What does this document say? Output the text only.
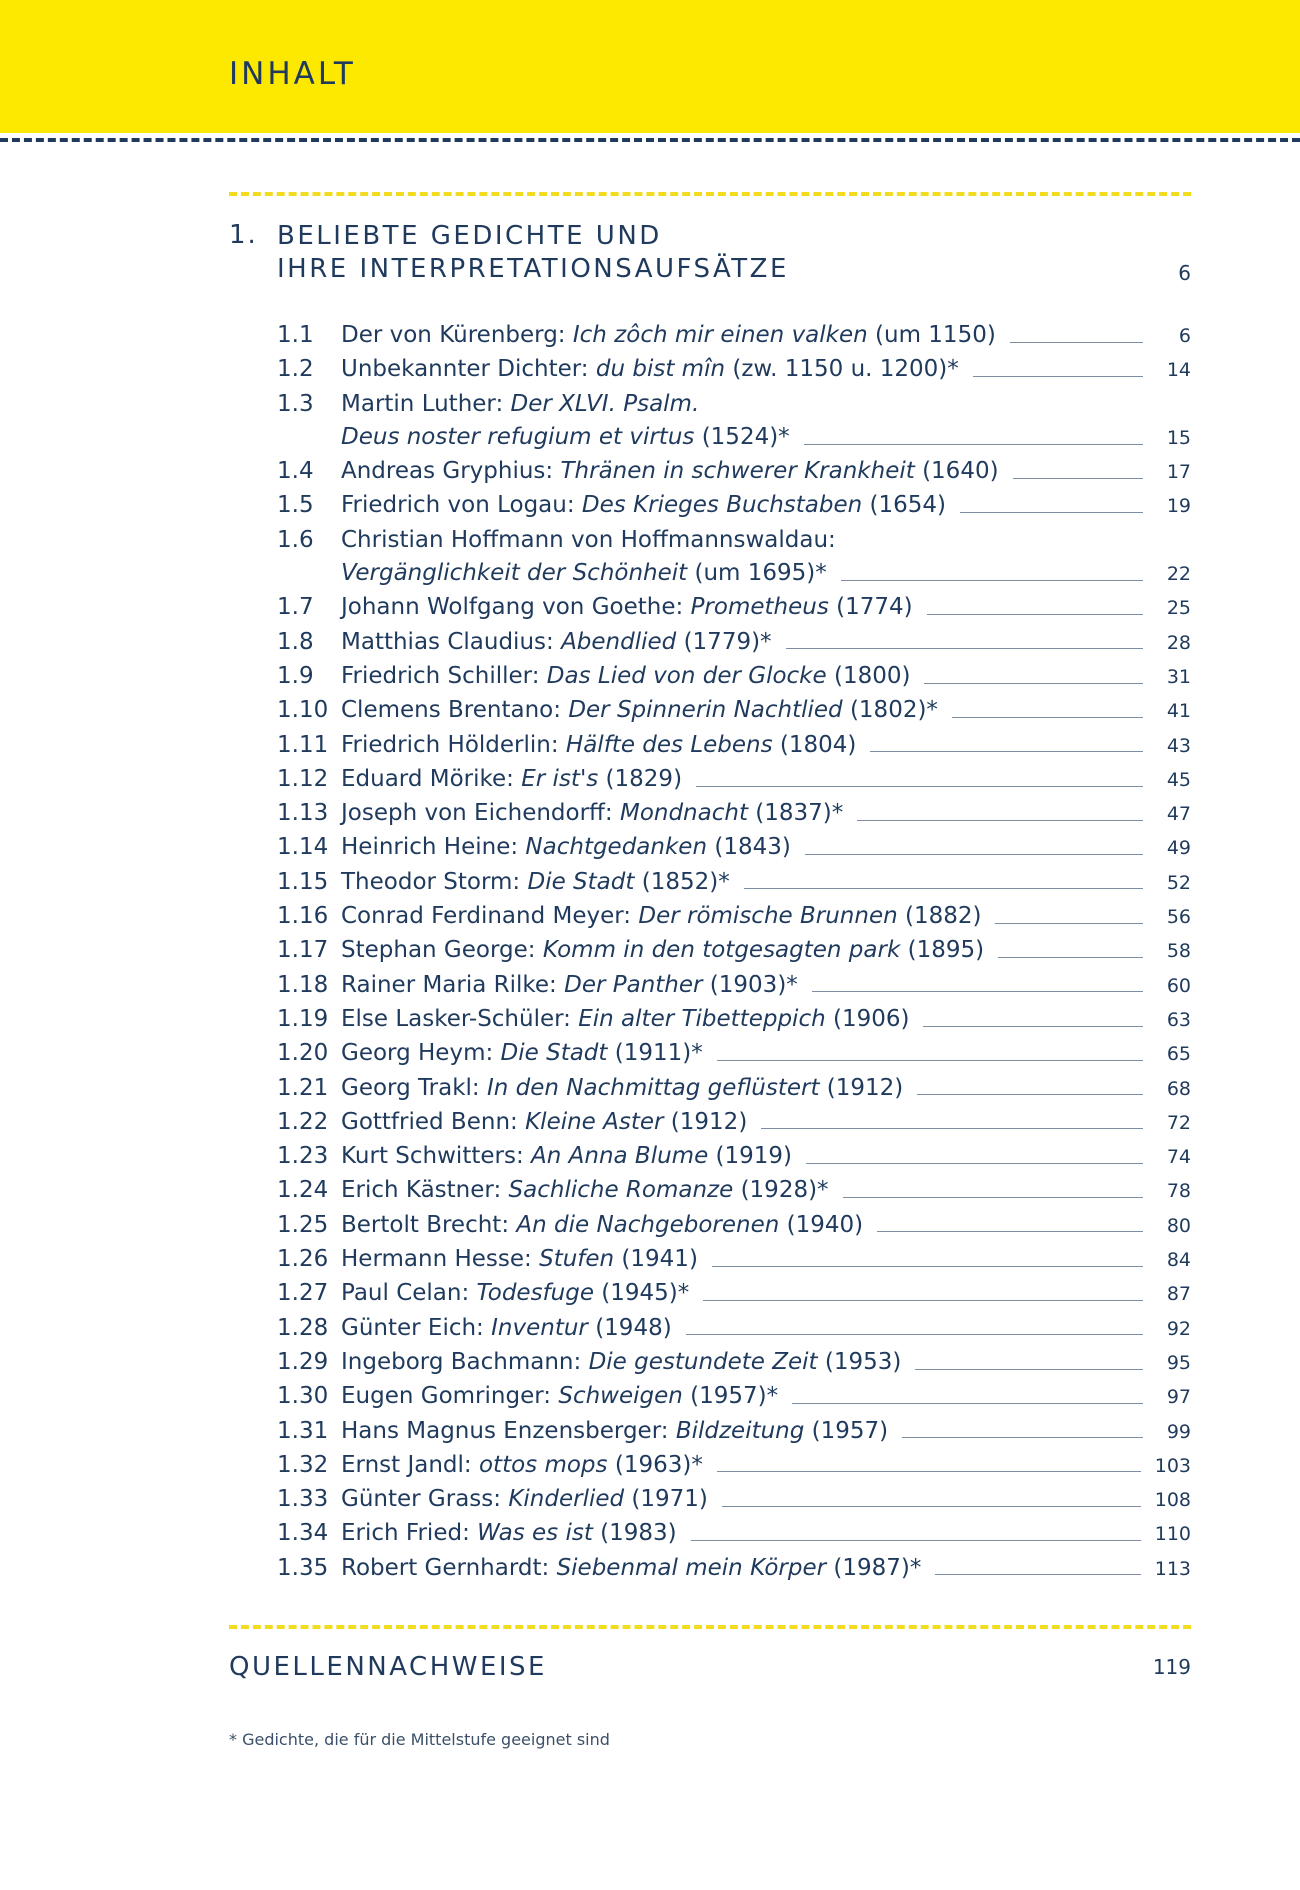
INHALT
1. BELIEBTE GEDICHTE UND
IHRE INTERPRETATIONSAUFSÄTZE	6
1.1	Der von Kürenberg: Ich zôch mir einen valken (um 1150)	6
1.2	Unbekannter Dichter: du bist mîn (zw. 1150 u. 1200)*	14
1.3	Martin Luther: Der XLVI. Psalm.
Deus noster refugium et virtus (1524)*	15
1.4	Andreas Gryphius: Thränen in schwerer Krankheit (1640)	17
1.5	Friedrich von Logau: Des Krieges Buchstaben (1654)	19
1.6	Christian Hoffmann von Hoffmannswaldau:
Vergänglichkeit der Schönheit (um 1695)*	22
1.7	Johann Wolfgang von Goethe: Prometheus (1774)	25
1.8	Matthias Claudius: Abendlied (1779)*	28
1.9	Friedrich Schiller: Das Lied von der Glocke (1800)	31
1.10 Clemens Brentano: Der Spinnerin Nachtlied (1802)*	41
1.11 Friedrich Hölderlin: Hälfte des Lebens (1804)	43
1.12 Eduard Mörike: Er ist's (1829)	45
1.13 Joseph von Eichendorff: Mondnacht (1837)*	47
1.14 Heinrich Heine: Nachtgedanken (1843)	49
1.15 Theodor Storm: Die Stadt (1852)*	52
1.16 Conrad Ferdinand Meyer: Der römische Brunnen (1882)	56
1.17 Stephan George: Komm in den totgesagten park (1895)	58
1.18 Rainer Maria Rilke: Der Panther (1903)*	60
1.19 Else Lasker-Schüler: Ein alter Tibetteppich (1906)	63
1.20 Georg Heym: Die Stadt (1911)*	65
1.21 Georg Trakl: In den Nachmittag geflüstert (1912)	68
1.22 Gottfried Benn: Kleine Aster (1912)	72
1.23 Kurt Schwitters: An Anna Blume (1919)	74
1.24 Erich Kästner: Sachliche Romanze (1928)*	78
1.25 Bertolt Brecht: An die Nachgeborenen (1940)	80
1.26 Hermann Hesse: Stufen (1941)	84
1.27 Paul Celan: Todesfuge (1945)*	87
1.28 Günter Eich: Inventur (1948)	92
1.29 Ingeborg Bachmann: Die gestundete Zeit (1953)	95
1.30 Eugen Gomringer: Schweigen (1957)*	97
1.31 Hans Magnus Enzensberger: Bildzeitung (1957)	99
1.32 Ernst Jandl: ottos mops (1963)*	103
1.33 Günter Grass: Kinderlied (1971)	108
1.34 Erich Fried: Was es ist (1983)	110
1.35 Robert Gernhardt: Siebenmal mein Körper (1987)*	113
QUELLENNACHWEISE	119
* Gedichte, die für die Mittelstufe geeignet sind
